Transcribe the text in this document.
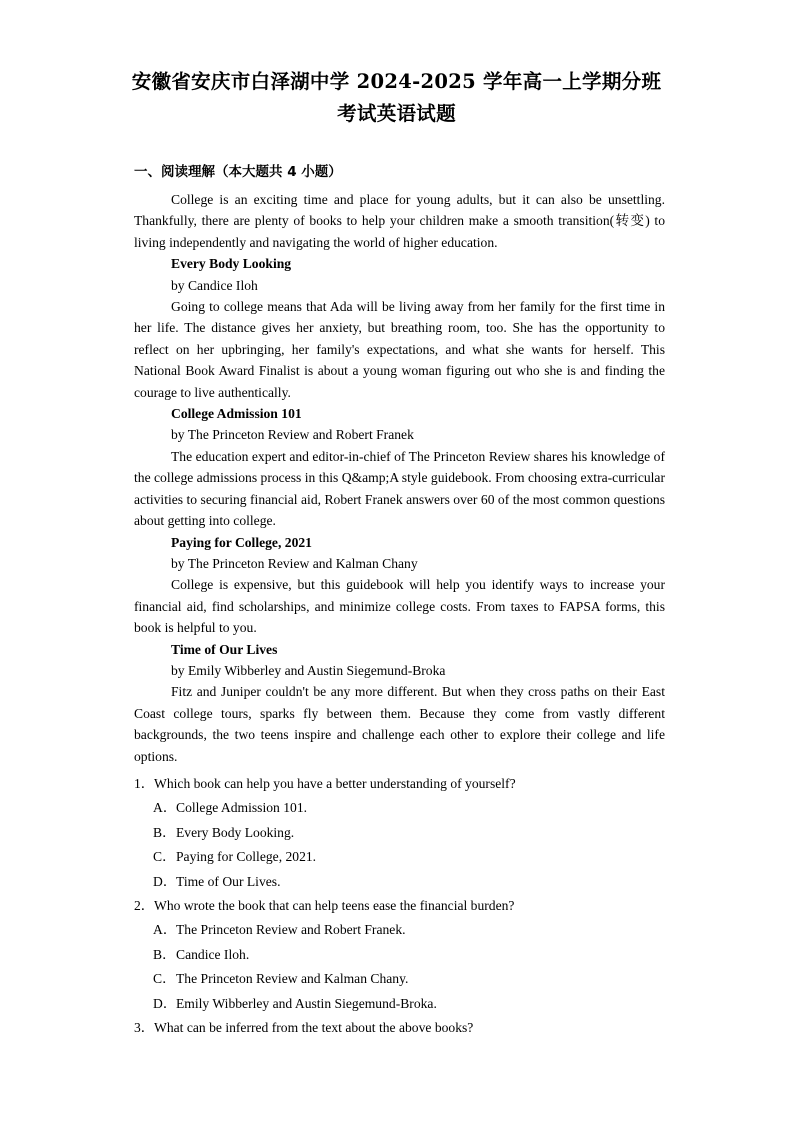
安徽省安庆市白泽湖中学 2024-2025 学年高一上学期分班
考试英语试题
一、阅读理解（本大题共 4 小题）

College is an exciting time and place for young adults, but it can also be unsettling. Thankfully, there are plenty of books to help your children make a smooth transition(转变) to living independently and navigating the world of higher education.

Every Body Looking

by Candice Iloh

Going to college means that Ada will be living away from her family for the first time in her life. The distance gives her anxiety, but breathing room, too. She has the opportunity to reflect on her upbringing, her family's expectations, and what she wants for herself. This National Book Award Finalist is about a young woman figuring out who she is and finding the courage to live authentically.

College Admission 101

by The Princeton Review and Robert Franek

The education expert and editor-in-chief of The Princeton Review shares his knowledge of the college admissions process in this Q&amp;A style guidebook. From choosing extra-curricular activities to securing financial aid, Robert Franek answers over 60 of the most common questions about getting into college.

Paying for College, 2021

by The Princeton Review and Kalman Chany

College is expensive, but this guidebook will help you identify ways to increase your financial aid, find scholarships, and minimize college costs. From taxes to FAPSA forms, this book is helpful to you.

Time of Our Lives

by Emily Wibberley and Austin Siegemund-Broka

Fitz and Juniper couldn't be any more different. But when they cross paths on their East Coast college tours, sparks fly between them. Because they come from vastly different backgrounds, the two teens inspire and challenge each other to explore their college and life options.

1．Which book can help you have a better understanding of yourself?
A．College Admission 101.
B．Every Body Looking.
C．Paying for College, 2021.
D．Time of Our Lives.
2．Who wrote the book that can help teens ease the financial burden?
A．The Princeton Review and Robert Franek.
B．Candice Iloh.
C．The Princeton Review and Kalman Chany.
D．Emily Wibberley and Austin Siegemund-Broka.
3．What can be inferred from the text about the above books?
